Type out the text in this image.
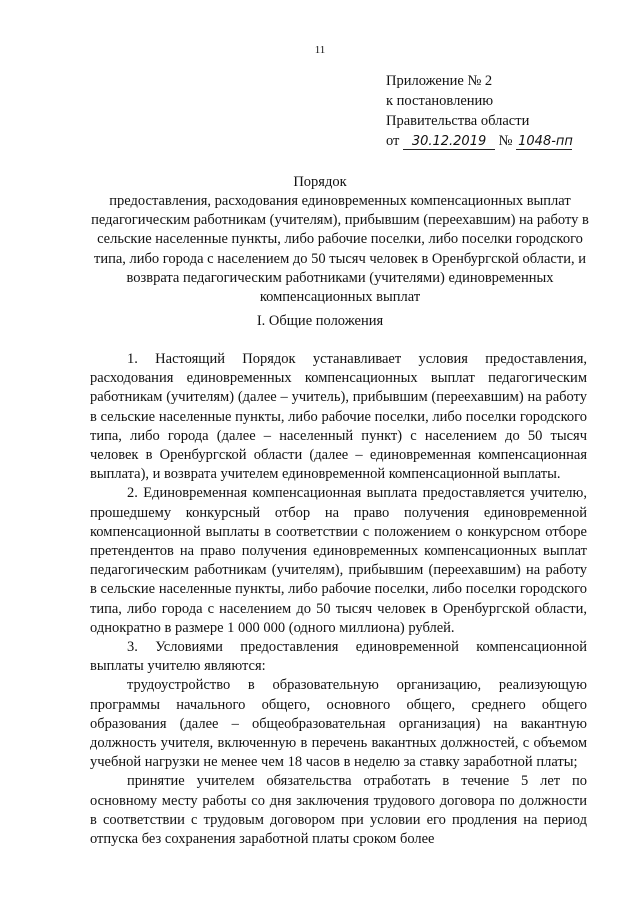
11
Приложение № 2
к постановлению
Правительства области
от 30.12.2019 № 1048-пп
Порядок
предоставления, расходования единовременных компенсационных выплат педагогическим работникам (учителям), прибывшим (переехавшим) на работу в сельские населенные пункты, либо рабочие поселки, либо поселки городского типа, либо города с населением до 50 тысяч человек в Оренбургской области, и возврата педагогическим работниками (учителями) единовременных компенсационных выплат
I. Общие положения

1. Настоящий Порядок устанавливает условия предоставления, расходования единовременных компенсационных выплат педагогическим работникам (учителям) (далее – учитель), прибывшим (переехавшим) на работу в сельские населенные пункты, либо рабочие поселки, либо поселки городского типа, либо города (далее – населенный пункт) с населением до 50 тысяч человек в Оренбургской области (далее – единовременная компенсационная выплата), и возврата учителем единовременной компенсационной выплаты.

2. Единовременная компенсационная выплата предоставляется учителю, прошедшему конкурсный отбор на право получения единовременной компенсационной выплаты в соответствии с положением о конкурсном отборе претендентов на право получения единовременных компенсационных выплат педагогическим работникам (учителям), прибывшим (переехавшим) на работу в сельские населенные пункты, либо рабочие поселки, либо поселки городского типа, либо города с населением до 50 тысяч человек в Оренбургской области, однократно в размере 1 000 000 (одного миллиона) рублей.

3. Условиями предоставления единовременной компенсационной выплаты учителю являются:

трудоустройство в образовательную организацию, реализующую программы начального общего, основного общего, среднего общего образования (далее – общеобразовательная организация) на вакантную должность учителя, включенную в перечень вакантных должностей, с объемом учебной нагрузки не менее чем 18 часов в неделю за ставку заработной платы;

принятие учителем обязательства отработать в течение 5 лет по основному месту работы со дня заключения трудового договора по должности в соответствии с трудовым договором при условии его продления на период отпуска без сохранения заработной платы сроком более
